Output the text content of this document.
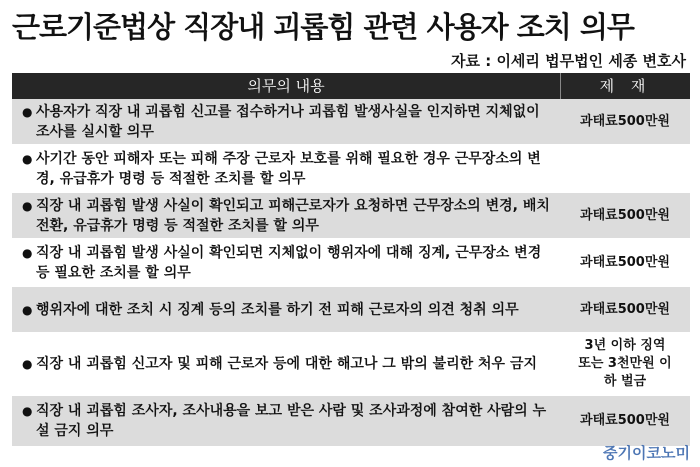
근로기준법상 직장내 괴롭힘 관련 사용자 조치 의무
자료 : 이세리 법무법인 세종 변호사
의무의 내용	제 재
● 사용자가 직장 내 괴롭힘 신고를 접수하거나 괴롭힘 발생사실을 인지하면 지체없이 조사를 실시할 의무
과태료500만원
● 사기간 동안 피해자 또는 피해 주장 근로자 보호를 위해 필요한 경우 근무장소의 변경, 유급휴가 명령 등 적절한 조치를 할 의무
● 직장 내 괴롭힘 발생 사실이 확인되고 피해근로자가 요청하면 근무장소의 변경, 배치전환, 유급휴가 명령 등 적절한 조치를 할 의무
과태료500만원
● 직장 내 괴롭힘 발생 사실이 확인되면 지체없이 행위자에 대해 징계, 근무장소 변경 등 필요한 조치를 할 의무
과태료500만원
● 행위자에 대한 조치 시 징계 등의 조치를 하기 전 피해 근로자의 의견 청취 의무	과태료500만원
● 직장 내 괴롭힘 신고자 및 피해 근로자 등에 대한 해고나 그 밖의 불리한 처우 금지
3년 이하 징역 또는 3천만원 이하 벌금
● 직장 내 괴롭힘 조사자, 조사내용을 보고 받은 사람 및 조사과정에 참여한 사람의 누설 금지 의무
과태료500만원
중기이코노미
